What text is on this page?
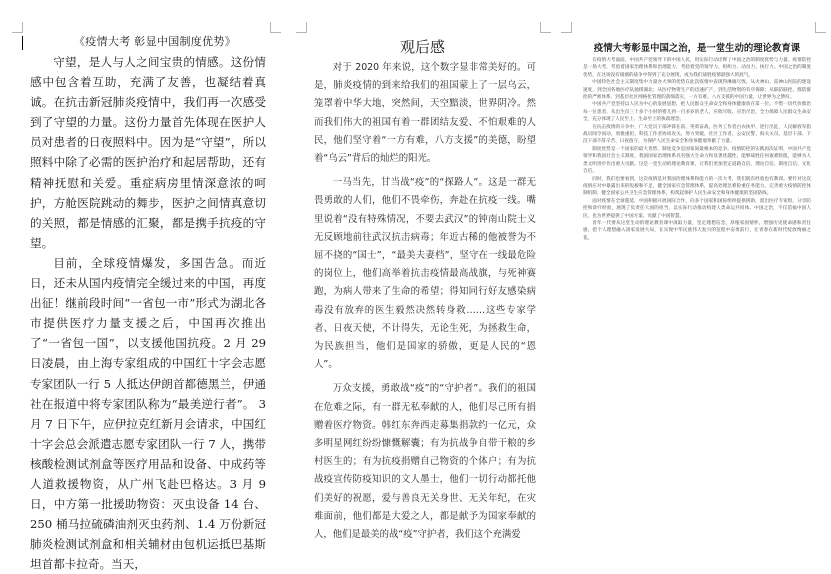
《疫情大考 彰显中国制度优势》

守望，是人与人之间宝贵的情感。这份情感中包含着互助，充满了友善，也凝结着真诚。在抗击新冠肺炎疫情中，我们再一次感受到了守望的力量。这份力量首先体现在医护人员对患者的日夜照料中。因为是“守望”，所以照料中除了必需的医护治疗和起居帮助，还有精神抚慰和关爱。重症病房里情深意浓的呵护，方舱医院跳动的舞步，医护之间情真意切的关照，都是情感的汇聚，都是携手抗疫的守望。

目前，全球疫情爆发，多国告急。而近日，还未从国内疫情完全缓过来的中国，再度出征！继前段时间“一省包一市”形式为湖北各市提供医疗力量支援之后，中国再次推出了“一省包一国”，以支援他国抗疫。2 月 29 日凌晨，由上海专家组成的中国红十字会志愿专家团队一行 5 人抵达伊朗首都德黑兰，伊通社在报道中将专家团队称为“最美逆行者”。 3 月 7 日下午，应伊拉克红新月会请求，中国红十字会总会派遣志愿专家团队一行 7 人，携带核酸检测试剂盒等医疗用品和设备、中成药等人道救援物资，从广州飞赴巴格达。3 月 9 日，中方第一批援助物资：灭虫设备 14 台、250 桶马拉硫磷油剂灭虫药剂、1.4 万份新冠肺炎检测试剂盒和相关辅材由包机运抵巴基斯坦首都卡拉奇。当天，

观后感

对于 2020 年来说，这个数字显非常美好的。可是，肺炎疫情的到来给我们的祖国蒙上了一层乌云，笼罩着中华大地，突然间，天空黯淡，世界阴冷。然而我们伟大的祖国有着一群团结友爱、不怕艰难的人民，他们坚守着“一方有难，八方支援”的美德，盼望着“乌云”背后的灿烂的阳光。

一马当先，甘当战“疫”的“探路人”。这是一群无畏勇敢的人们，他们不畏牵伤，奔赴在抗疫一线。嘴里说着“没有特殊情况，不要去武汉”的钟南山院士义无反顾地前往武汉抗击病毒；年近古稀的他被誉为不屈不挠的“国士”，“最美夫妻档”，坚守在一线最危险的岗位上，他们高举着抗击疫情最高战旗，与死神赛跑，为病人带来了生命的希望；得知同行好友感染病毒没有放弃的医生毅然决然转身救……这些专家学者、日夜天使，不计得失，无论生死，为拯救生命，为民族担当，他们是国家的骄傲，更是人民的“恩人”。

万众支援，勇敢战“疫”的“守护者”。我们的祖国在危难之际，有一群无私奉献的人，他们尽己所有捐赠着医疗物资。韩红东奔西走募集捐款约一亿元，众多明星网红纷纷慷慨解囊；有为抗战争自带干粮的乡村医生的；有为抗疫捐赠自己物资的个体户；有为抗战疫宣传防疫知识的文人墨士，他们一切行动都托他们美好的祝愿，爱与善良无关身世、无关年纪，在灾难面前，他们都是大爱之人，都是献予为国家奉献的人，他们是最美的战“疫”守护者，我们这个充满爱

疫情大考彰显中国之治，是一堂生动的理论教育课

在疫情大考面前，中国共产党领导下的中国人民，用实际行动诠释了中国之治的制度优势与力量。疫情防控是一场大考，考验着国家治理体系和治理能力，考验着党的领导力、组织力、动员力、执行力。中国之治的制度优势，在这场没有硝烟的战争中得到了充分展现，成为我们战胜疫情最强大的底气。

中国特色社会主义制度集中力量办大事的优势在此次疫情中表现得淋漓尽致。从火神山、雷神山医院的建设速度，到全国各地医疗队驰援湖北；从医疗物资生产的迅速扩产，到生活物资的有序保障；从联防联控、群防群控的严密体系，到基层社区网格化管理的落细落实，一方有难、八方支援的中国力量，让世界为之赞叹。

中国共产党坚持以人民为中心的发展思想，把人民群众生命安全和身体健康放在第一位。不惜一切代价救治每一位患者，从出生仅三十多个小时的婴儿到一百多岁的老人，应收尽收、应治尽治，全力保障人民群众生命安全，充分体现了人民至上、生命至上的执政理念。

在抗击疫情的斗争中，广大党员干部冲锋在前、英勇奋战，医务工作者白衣执甲、逆行出征，人民解放军指战员闻令而动、勇挑重担，科技工作者协同攻关、努力突破，社区工作者、公安民警、海关关员、基层干部、下沉干部不辞辛苦、日夜值守，为保护人民生命安全和身体健康奉献了力量。

制度优势是一个国家的最大优势，制度竞争是国家间最根本的竞争。疫情防控的实践再次证明，中国共产党领导和我国社会主义制度、我国国家治理体系具有强大生命力和显著优越性，能够战胜任何艰难险阻，能够为人类文明进步作出重大贡献。这是一堂生动的理论教育课，让我们更加坚定道路自信、理论自信、制度自信、文化自信。

同时，我们也要看到，这次疫情是对我国治理体系和能力的一次大考，我们既有经验也有教训。要针对这次疫情应对中暴露出来的短板和不足，健全国家应急管理体系，提高处理急难险重任务能力，完善重大疫情防控体制机制，健全国家公共卫生应急管理体系，构筑起保护人民生命安全和身体健康的坚固防线。

面对疫情在全球蔓延，中国积极开展国际合作，向多个国家和国际组织提供援助，派出医疗专家组，分享防控和诊疗经验，展现了负责任大国的担当，以实际行动推动构建人类命运共同体。中国之治，不仅造福中国人民，也为世界提供了中国方案、贡献了中国智慧。

青年一代要从这堂生动的理论教育课中汲取力量，坚定理想信念，厚植家国情怀，增强历史使命感和责任感，把个人理想融入国家发展大局，在实现中华民族伟大复兴的征程中奋勇前行，让青春在新时代绽放绚丽之花。
